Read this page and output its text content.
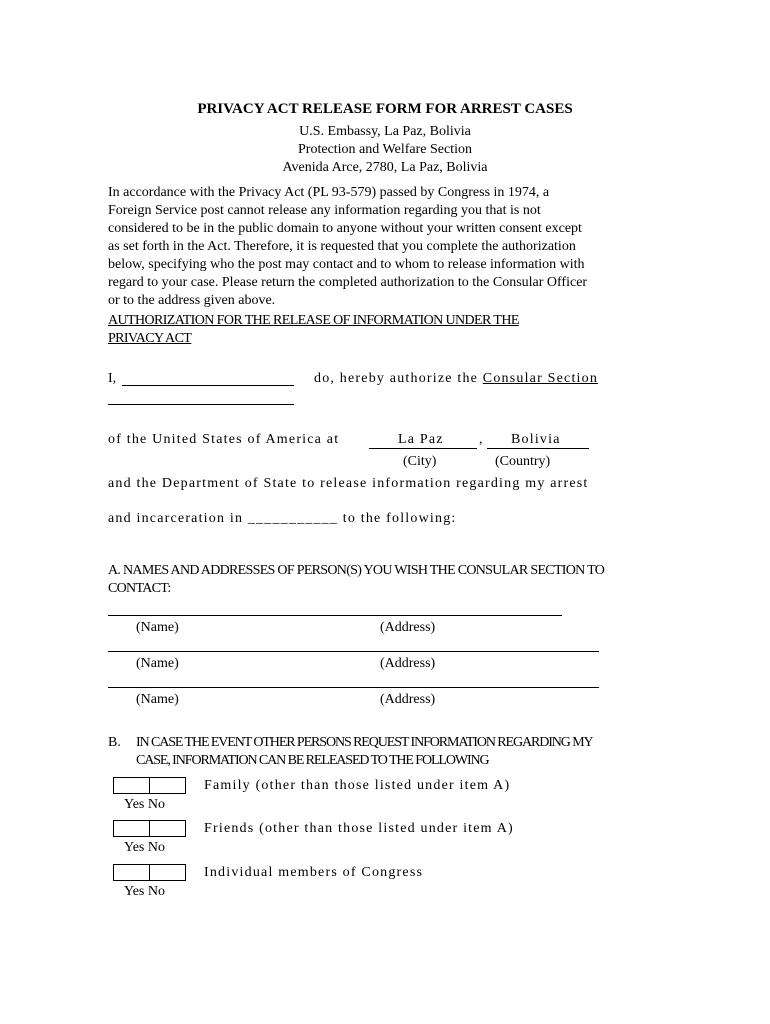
PRIVACY ACT RELEASE FORM FOR ARREST CASES
U.S. Embassy, La Paz, Bolivia
Protection and Welfare Section
Avenida Arce, 2780, La Paz, Bolivia
In accordance with the Privacy Act (PL 93-579) passed by Congress in 1974, a
Foreign Service post cannot release any information regarding you that is not
considered to be in the public domain to anyone without your written consent except
as set forth in the Act. Therefore, it is requested that you complete the authorization
below, specifying who the post may contact and to whom to release information with
regard to your case. Please return the completed authorization to the Consular Officer
or to the address given above.
AUTHORIZATION FOR THE RELEASE OF INFORMATION UNDER THE
PRIVACY ACT
I,	do, hereby authorize the Consular Section
of the United States of America at	La Paz	, Bolivia
(City)	(Country)
and the Department of State to release information regarding my arrest
and incarceration in ___________ to the following:
A. NAMES AND ADDRESSES OF PERSON(S) YOU WISH THE CONSULAR SECTION TO
CONTACT:
(Name)	(Address)
(Name)	(Address)
(Name)	(Address)
B. IN CASE THE EVENT OTHER PERSONS REQUEST INFORMATION REGARDING MY
CASE, INFORMATION CAN BE RELEASED TO THE FOLLOWING
Family (other than those listed under item A)
Yes No
Friends (other than those listed under item A)
Yes No
Individual members of Congress
Yes No
